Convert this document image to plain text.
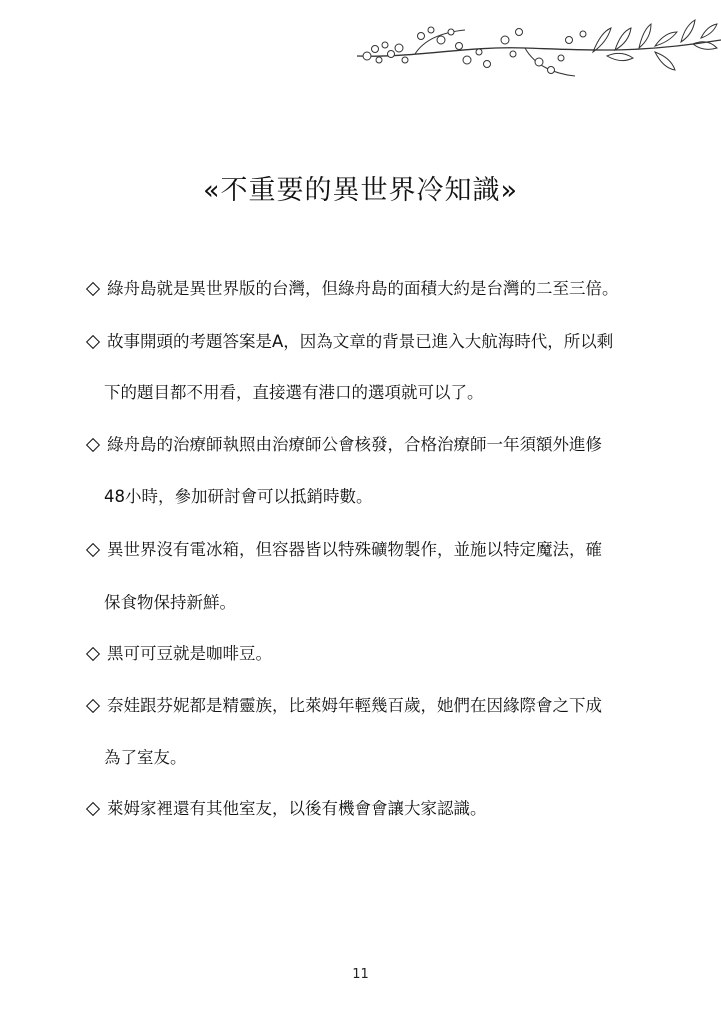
«不重要的異世界冷知識»
綠舟島就是異世界版的台灣，但綠舟島的面積大約是台灣的二至三倍。
故事開頭的考題答案是A，因為文章的背景已進入大航海時代，所以剩
下的題目都不用看，直接選有港口的選項就可以了。
綠舟島的治療師執照由治療師公會核發，合格治療師一年須額外進修
48小時，參加研討會可以抵銷時數。
異世界沒有電冰箱，但容器皆以特殊礦物製作，並施以特定魔法，確
保食物保持新鮮。
黑可可豆就是咖啡豆。
奈娃跟芬妮都是精靈族，比萊姆年輕幾百歲，她們在因緣際會之下成
為了室友。
萊姆家裡還有其他室友，以後有機會會讓大家認識。
11
